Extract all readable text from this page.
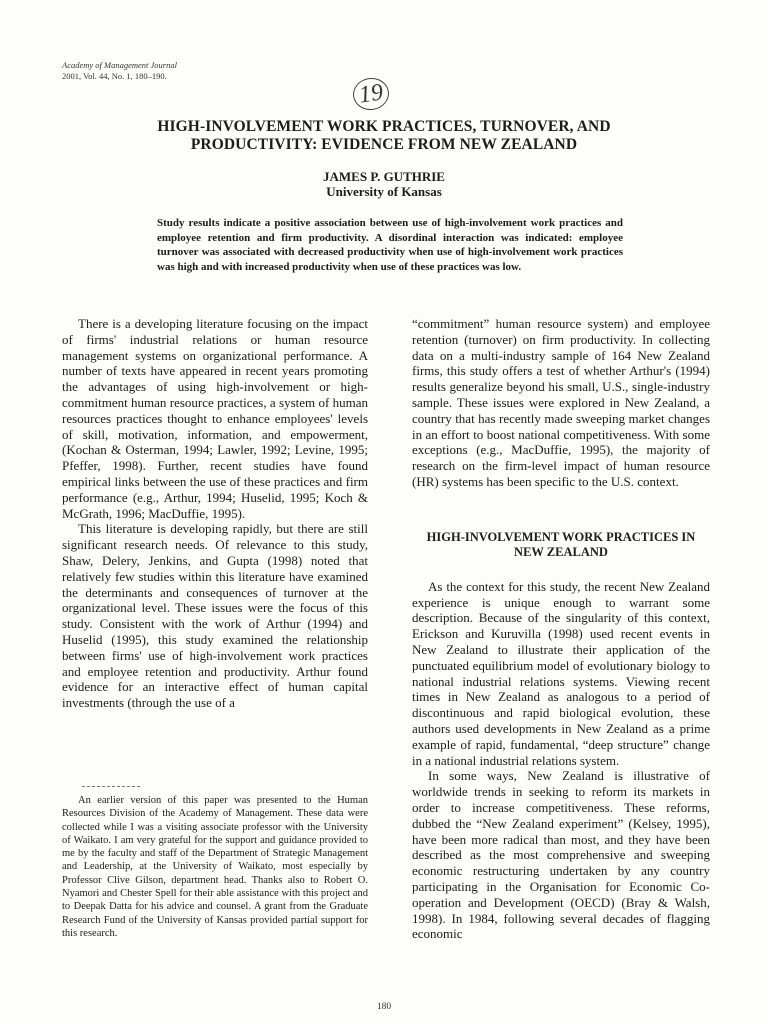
Academy of Management Journal
2001, Vol. 44, No. 1, 180–190.
19
HIGH-INVOLVEMENT WORK PRACTICES, TURNOVER, AND
PRODUCTIVITY: EVIDENCE FROM NEW ZEALAND
JAMES P. GUTHRIE
University of Kansas
Study results indicate a positive association between use of high-involvement work practices and employee retention and firm productivity. A disordinal interaction was indicated: employee turnover was associated with decreased productivity when use of high-involvement work practices was high and with increased productivity when use of these practices was low.

There is a developing literature focusing on the impact of firms' industrial relations or human resource management systems on organizational performance. A number of texts have appeared in recent years promoting the advantages of using high-involvement or high-commitment human resource practices, a system of human resources practices thought to enhance employees' levels of skill, motivation, information, and empowerment, (Kochan & Osterman, 1994; Lawler, 1992; Levine, 1995; Pfeffer, 1998). Further, recent studies have found empirical links between the use of these practices and firm performance (e.g., Arthur, 1994; Huselid, 1995; Koch & McGrath, 1996; MacDuffie, 1995).

This literature is developing rapidly, but there are still significant research needs. Of relevance to this study, Shaw, Delery, Jenkins, and Gupta (1998) noted that relatively few studies within this literature have examined the determinants and consequences of turnover at the organizational level. These issues were the focus of this study. Consistent with the work of Arthur (1994) and Huselid (1995), this study examined the relationship between firms' use of high-involvement work practices and employee retention and productivity. Arthur found evidence for an interactive effect of human capital investments (through the use of a

An earlier version of this paper was presented to the Human Resources Division of the Academy of Management. These data were collected while I was a visiting associate professor with the University of Waikato. I am very grateful for the support and guidance provided to me by the faculty and staff of the Department of Strategic Management and Leadership, at the University of Waikato, most especially by Professor Clive Gilson, department head. Thanks also to Robert O. Nyamori and Chester Spell for their able assistance with this project and to Deepak Datta for his advice and counsel. A grant from the Graduate Research Fund of the University of Kansas provided partial support for this research.

“commitment” human resource system) and employee retention (turnover) on firm productivity. In collecting data on a multi-industry sample of 164 New Zealand firms, this study offers a test of whether Arthur's (1994) results generalize beyond his small, U.S., single-industry sample. These issues were explored in New Zealand, a country that has recently made sweeping market changes in an effort to boost national competitiveness. With some exceptions (e.g., MacDuffie, 1995), the majority of research on the firm-level impact of human resource (HR) systems has been specific to the U.S. context.

HIGH-INVOLVEMENT WORK PRACTICES IN
NEW ZEALAND

As the context for this study, the recent New Zealand experience is unique enough to warrant some description. Because of the singularity of this context, Erickson and Kuruvilla (1998) used recent events in New Zealand to illustrate their application of the punctuated equilibrium model of evolutionary biology to national industrial relations systems. Viewing recent times in New Zealand as analogous to a period of discontinuous and rapid biological evolution, these authors used developments in New Zealand as a prime example of rapid, fundamental, “deep structure” change in a national industrial relations system.

In some ways, New Zealand is illustrative of worldwide trends in seeking to reform its markets in order to increase competitiveness. These reforms, dubbed the “New Zealand experiment” (Kelsey, 1995), have been more radical than most, and they have been described as the most comprehensive and sweeping economic restructuring undertaken by any country participating in the Organisation for Economic Co-operation and Development (OECD) (Bray & Walsh, 1998). In 1984, following several decades of flagging economic

180
